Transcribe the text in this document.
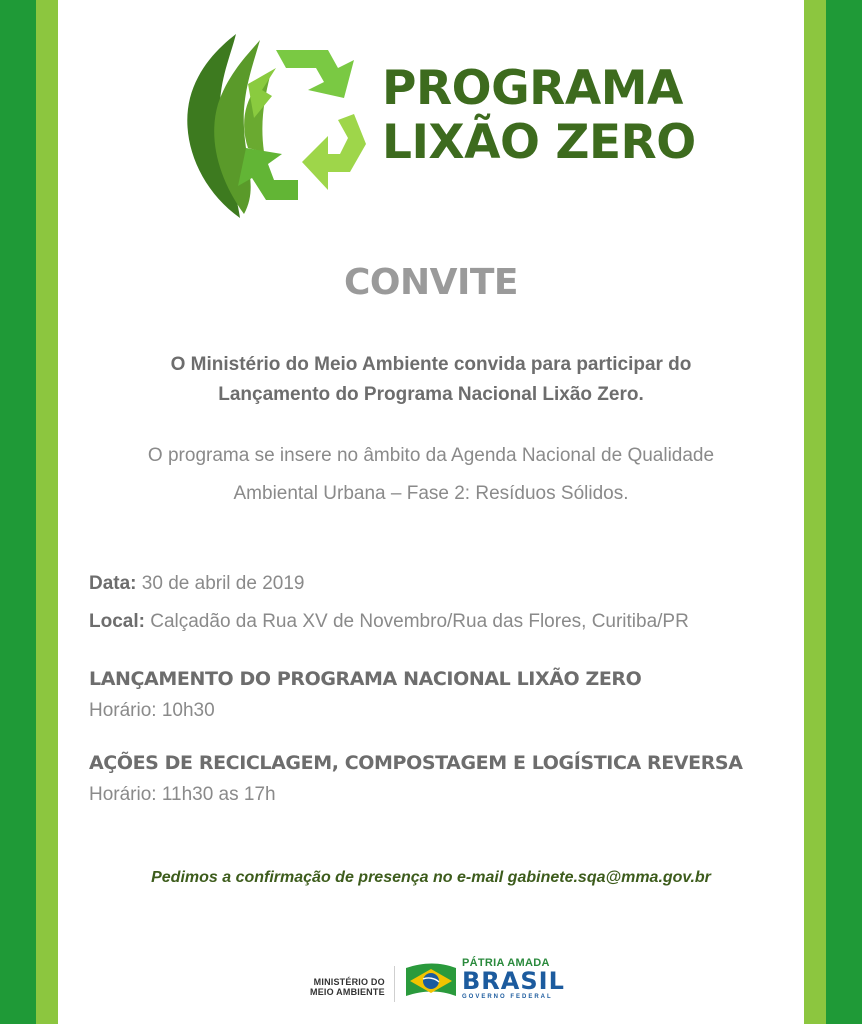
PROGRAMA
LIXÃO ZERO
CONVITE
O Ministério do Meio Ambiente convida para participar do
Lançamento do Programa Nacional Lixão Zero.
O programa se insere no âmbito da Agenda Nacional de Qualidade
Ambiental Urbana – Fase 2: Resíduos Sólidos.
Data: 30 de abril de 2019
Local: Calçadão da Rua XV de Novembro/Rua das Flores, Curitiba/PR
LANÇAMENTO DO PROGRAMA NACIONAL LIXÃO ZERO
Horário: 10h30
AÇÕES DE RECICLAGEM, COMPOSTAGEM E LOGÍSTICA REVERSA
Horário: 11h30 as 17h
Pedimos a confirmação de presença no e-mail gabinete.sqa@mma.gov.br
MINISTÉRIO DO
MEIO AMBIENTE
PÁTRIA AMADA
BRASIL
GOVERNO FEDERAL
